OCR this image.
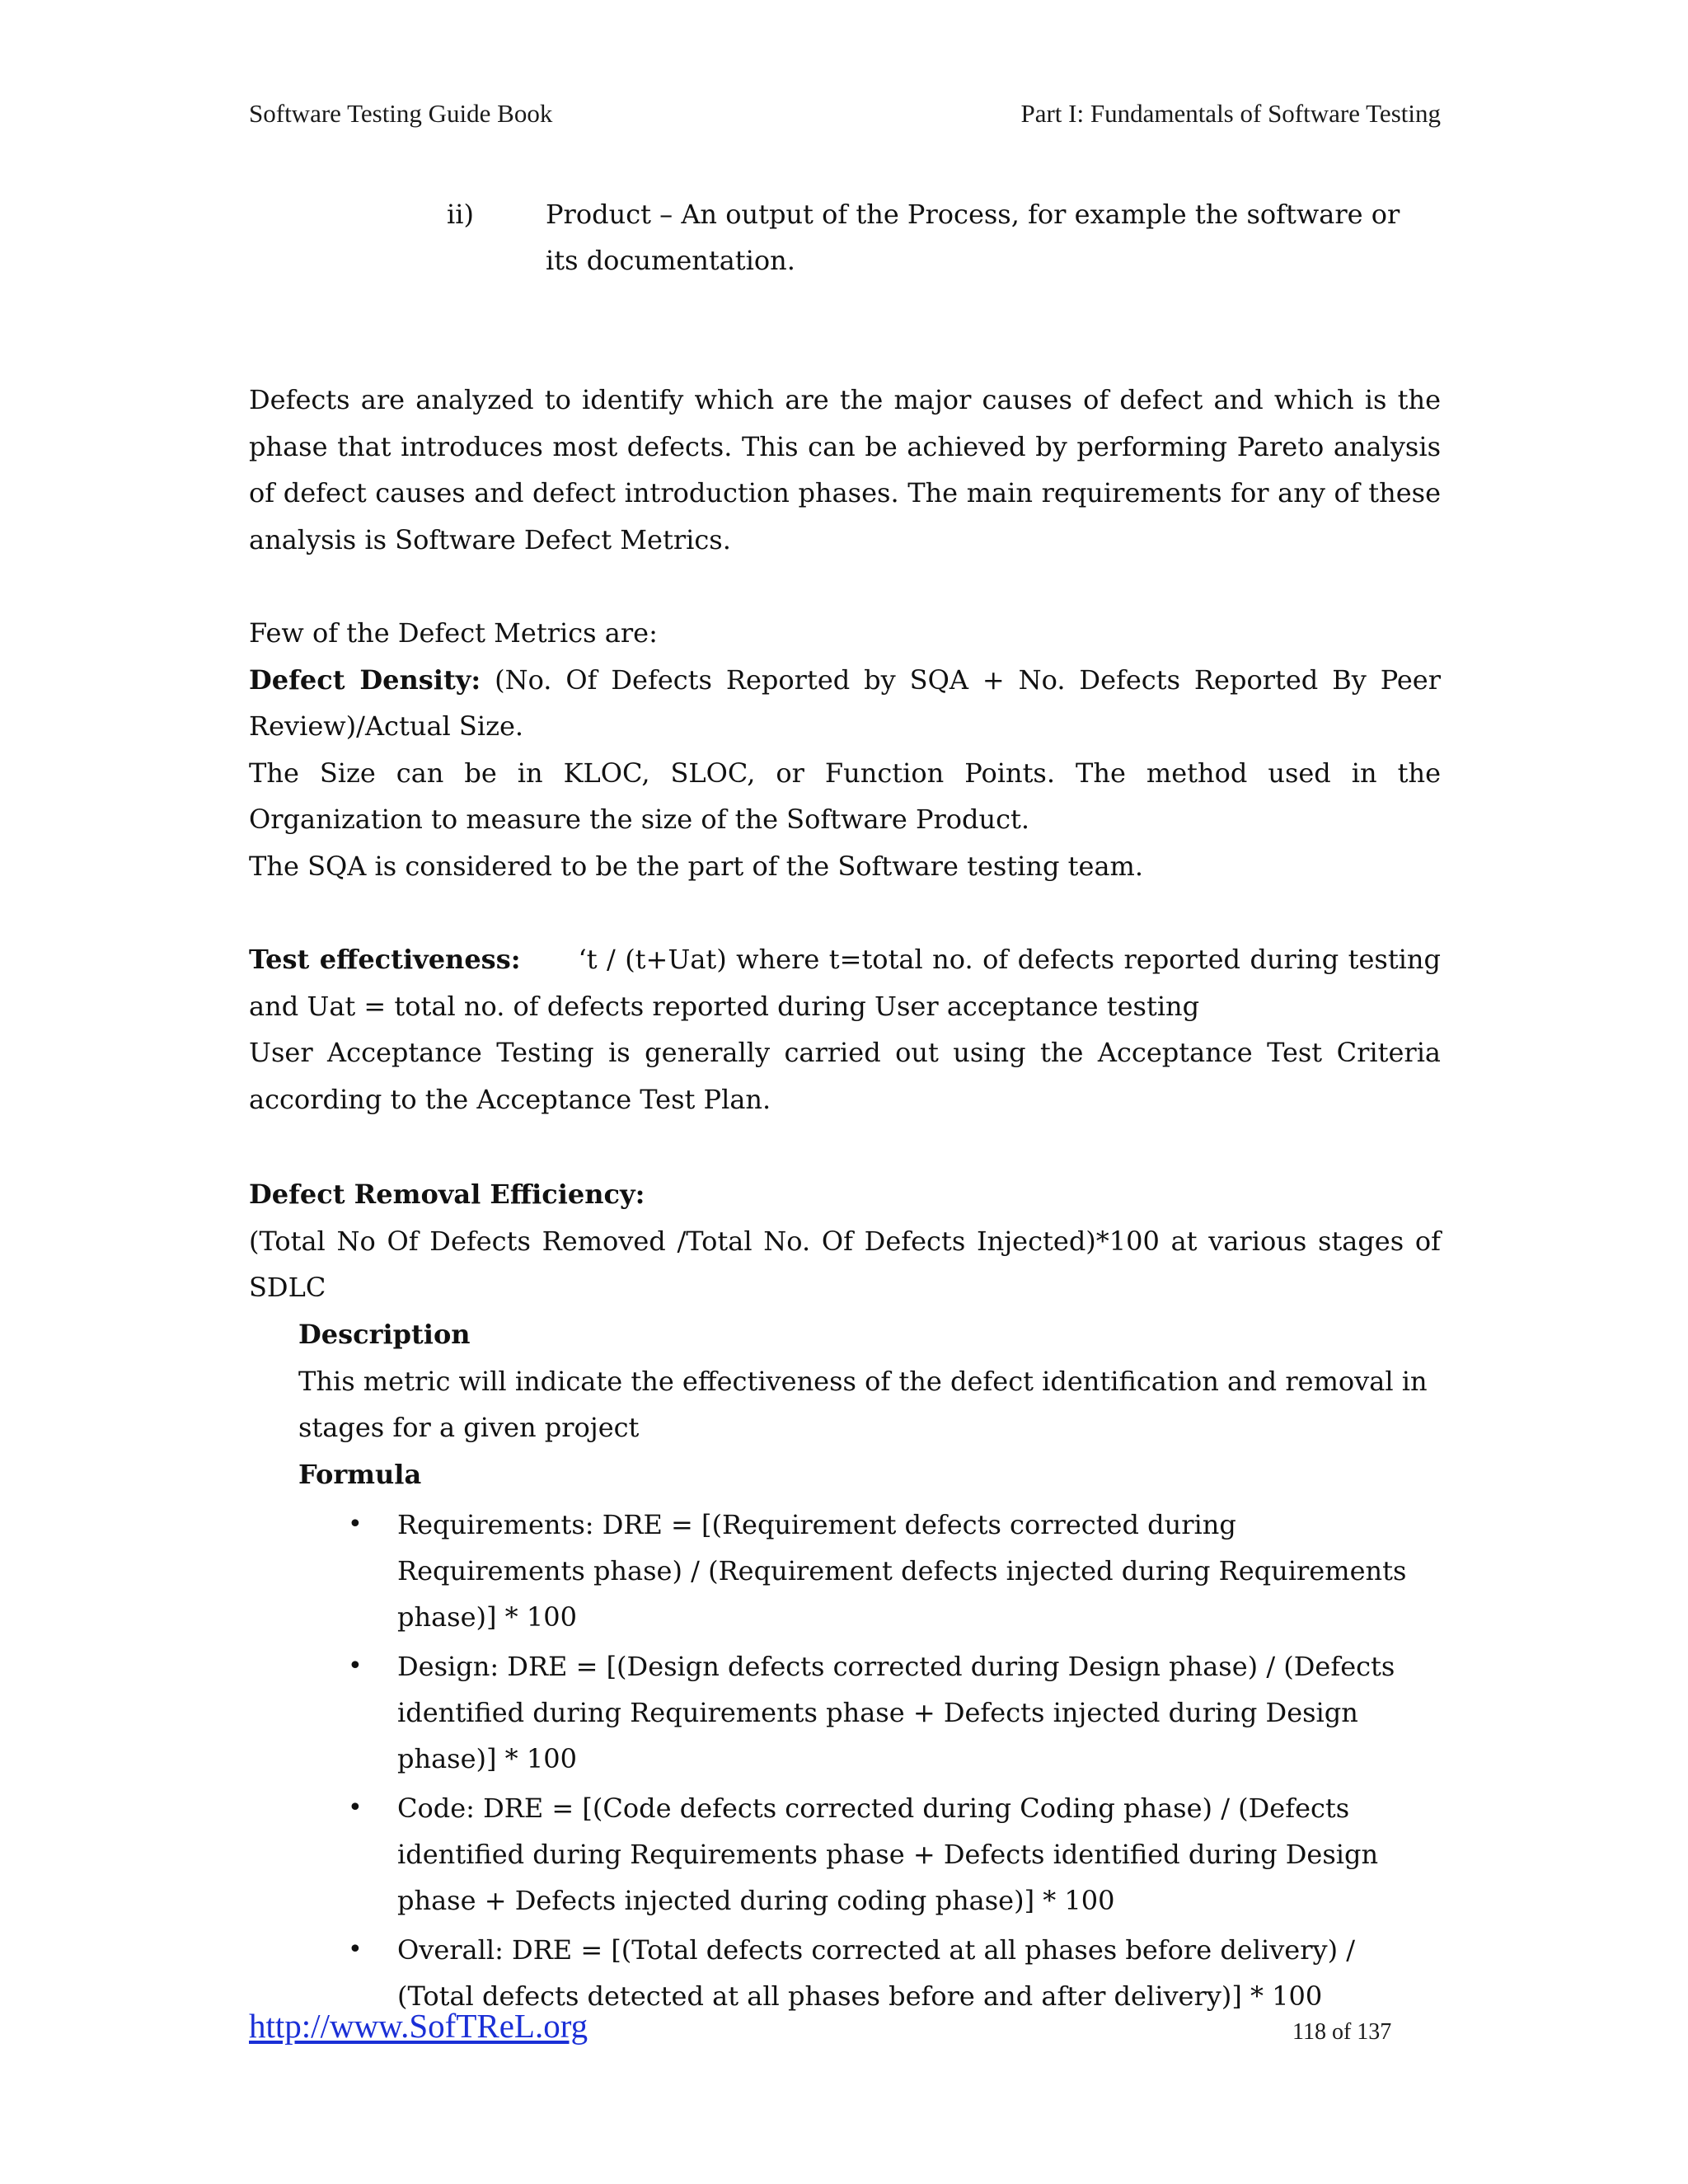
Software Testing Guide Book	Part I: Fundamentals of Software Testing
ii)	Product – An output of the Process, for example the software or
its documentation.
Defects are analyzed to identify which are the major causes of defect and which is the phase that introduces most defects. This can be achieved by performing Pareto analysis of defect causes and defect introduction phases. The main requirements for any of these analysis is Software Defect Metrics.

Few of the Defect Metrics are:

Defect Density: (No. Of Defects Reported by SQA + No. Defects Reported By Peer Review)/Actual Size.

The Size can be in KLOC, SLOC, or Function Points. The method used in the Organization to measure the size of the Software Product.

The SQA is considered to be the part of the Software testing team.

Test effectiveness: ‘t / (t+Uat) where t=total no. of defects reported during testing and Uat = total no. of defects reported during User acceptance testing

User Acceptance Testing is generally carried out using the Acceptance Test Criteria according to the Acceptance Test Plan.

Defect Removal Efficiency:

(Total No Of Defects Removed /Total No. Of Defects Injected)*100 at various stages of SDLC

Description

This metric will indicate the effectiveness of the defect identification and removal in stages for a given project

Formula

• Requirements: DRE = [(Requirement defects corrected during Requirements phase) / (Requirement defects injected during Requirements phase)] * 100
• Design: DRE = [(Design defects corrected during Design phase) / (Defects identified during Requirements phase + Defects injected during Design phase)] * 100
• Code: DRE = [(Code defects corrected during Coding phase) / (Defects identified during Requirements phase + Defects identified during Design phase + Defects injected during coding phase)] * 100
• Overall: DRE = [(Total defects corrected at all phases before delivery) / (Total defects detected at all phases before and after delivery)] * 100
http://www.SofTReL.org	118 of 137
